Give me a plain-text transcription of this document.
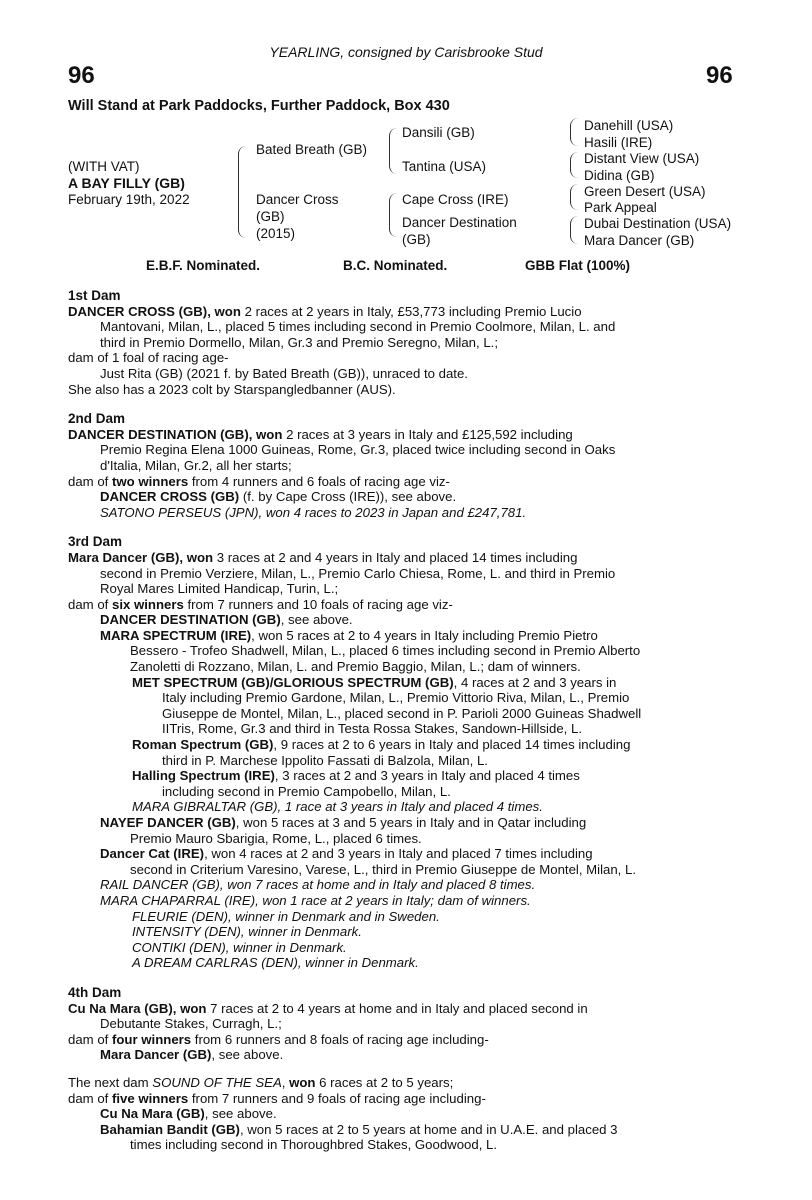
YEARLING, consigned by Carisbrooke Stud
96	96
Will Stand at Park Paddocks, Further Paddock, Box 430
(WITH VAT)
A BAY FILLY (GB)
February 19th, 2022
Bated Breath (GB)
Dancer Cross
(GB)
(2015)
Dansili (GB)
Tantina (USA)
Cape Cross (IRE)
Dancer Destination
(GB)
Danehill (USA)
Hasili (IRE)
Distant View (USA)
Didina (GB)
Green Desert (USA)
Park Appeal
Dubai Destination (USA)
Mara Dancer (GB)
E.B.F. Nominated.	B.C. Nominated.	GBB Flat (100%)
1st Dam
DANCER CROSS (GB), won 2 races at 2 years in Italy, £53,773 including Premio Lucio
Mantovani, Milan, L., placed 5 times including second in Premio Coolmore, Milan, L. and
third in Premio Dormello, Milan, Gr.3 and Premio Seregno, Milan, L.;
dam of 1 foal of racing age-
Just Rita (GB) (2021 f. by Bated Breath (GB)), unraced to date.
She also has a 2023 colt by Starspangledbanner (AUS).
2nd Dam
DANCER DESTINATION (GB), won 2 races at 3 years in Italy and £125,592 including
Premio Regina Elena 1000 Guineas, Rome, Gr.3, placed twice including second in Oaks
d'Italia, Milan, Gr.2, all her starts;
dam of two winners from 4 runners and 6 foals of racing age viz-
DANCER CROSS (GB) (f. by Cape Cross (IRE)), see above.
SATONO PERSEUS (JPN), won 4 races to 2023 in Japan and £247,781.
3rd Dam
Mara Dancer (GB), won 3 races at 2 and 4 years in Italy and placed 14 times including
second in Premio Verziere, Milan, L., Premio Carlo Chiesa, Rome, L. and third in Premio
Royal Mares Limited Handicap, Turin, L.;
dam of six winners from 7 runners and 10 foals of racing age viz-
DANCER DESTINATION (GB), see above.
MARA SPECTRUM (IRE), won 5 races at 2 to 4 years in Italy including Premio Pietro
Bessero - Trofeo Shadwell, Milan, L., placed 6 times including second in Premio Alberto
Zanoletti di Rozzano, Milan, L. and Premio Baggio, Milan, L.; dam of winners.
MET SPECTRUM (GB)/GLORIOUS SPECTRUM (GB), 4 races at 2 and 3 years in
Italy including Premio Gardone, Milan, L., Premio Vittorio Riva, Milan, L., Premio
Giuseppe de Montel, Milan, L., placed second in P. Parioli 2000 Guineas Shadwell
IITris, Rome, Gr.3 and third in Testa Rossa Stakes, Sandown-Hillside, L.
Roman Spectrum (GB), 9 races at 2 to 6 years in Italy and placed 14 times including
third in P. Marchese Ippolito Fassati di Balzola, Milan, L.
Halling Spectrum (IRE), 3 races at 2 and 3 years in Italy and placed 4 times
including second in Premio Campobello, Milan, L.
MARA GIBRALTAR (GB), 1 race at 3 years in Italy and placed 4 times.
NAYEF DANCER (GB), won 5 races at 3 and 5 years in Italy and in Qatar including
Premio Mauro Sbarigia, Rome, L., placed 6 times.
Dancer Cat (IRE), won 4 races at 2 and 3 years in Italy and placed 7 times including
second in Criterium Varesino, Varese, L., third in Premio Giuseppe de Montel, Milan, L.
RAIL DANCER (GB), won 7 races at home and in Italy and placed 8 times.
MARA CHAPARRAL (IRE), won 1 race at 2 years in Italy; dam of winners.
FLEURIE (DEN), winner in Denmark and in Sweden.
INTENSITY (DEN), winner in Denmark.
CONTIKI (DEN), winner in Denmark.
A DREAM CARLRAS (DEN), winner in Denmark.
4th Dam
Cu Na Mara (GB), won 7 races at 2 to 4 years at home and in Italy and placed second in
Debutante Stakes, Curragh, L.;
dam of four winners from 6 runners and 8 foals of racing age including-
Mara Dancer (GB), see above.
The next dam SOUND OF THE SEA, won 6 races at 2 to 5 years;
dam of five winners from 7 runners and 9 foals of racing age including-
Cu Na Mara (GB), see above.
Bahamian Bandit (GB), won 5 races at 2 to 5 years at home and in U.A.E. and placed 3
times including second in Thoroughbred Stakes, Goodwood, L.
